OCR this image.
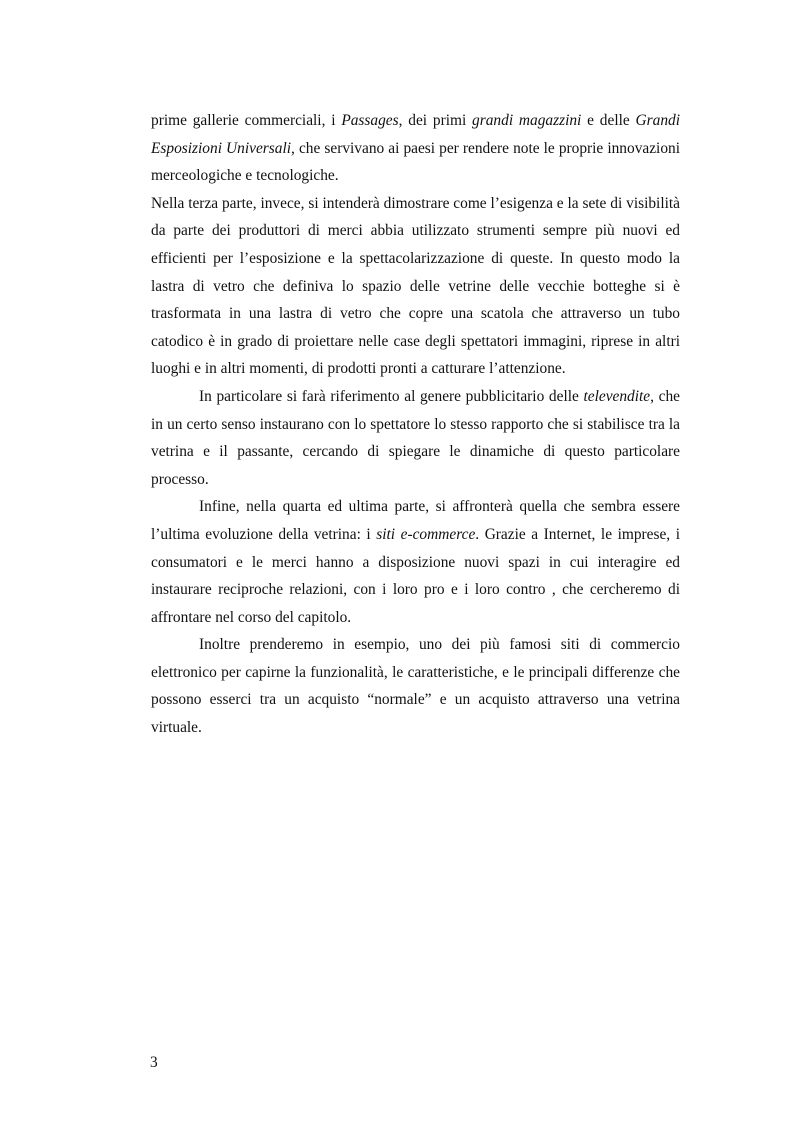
prime gallerie commerciali, i Passages, dei primi grandi magazzini e delle Grandi Esposizioni Universali, che servivano ai paesi per rendere note le proprie innovazioni merceologiche e tecnologiche.

Nella terza parte, invece, si intenderà dimostrare come l’esigenza e la sete di visibilità da parte dei produttori di merci abbia utilizzato strumenti sempre più nuovi ed efficienti per l’esposizione e la spettacolarizzazione di queste. In questo modo la lastra di vetro che definiva lo spazio delle vetrine delle vecchie botteghe si è trasformata in una lastra di vetro che copre una scatola che attraverso un tubo catodico è in grado di proiettare nelle case degli spettatori immagini, riprese in altri luoghi e in altri momenti, di prodotti pronti a catturare l’attenzione.

In particolare si farà riferimento al genere pubblicitario delle televendite, che in un certo senso instaurano con lo spettatore lo stesso rapporto che si stabilisce tra la vetrina e il passante, cercando di spiegare le dinamiche di questo particolare processo.

Infine, nella quarta ed ultima parte, si affronterà quella che sembra essere l’ultima evoluzione della vetrina: i siti e-commerce. Grazie a Internet, le imprese, i consumatori e le merci hanno a disposizione nuovi spazi in cui interagire ed instaurare reciproche relazioni, con i loro pro e i loro contro , che cercheremo di affrontare nel corso del capitolo.

Inoltre prenderemo in esempio, uno dei più famosi siti di commercio elettronico per capirne la funzionalità, le caratteristiche, e le principali differenze che possono esserci tra un acquisto “normale” e un acquisto attraverso una vetrina virtuale.

3
